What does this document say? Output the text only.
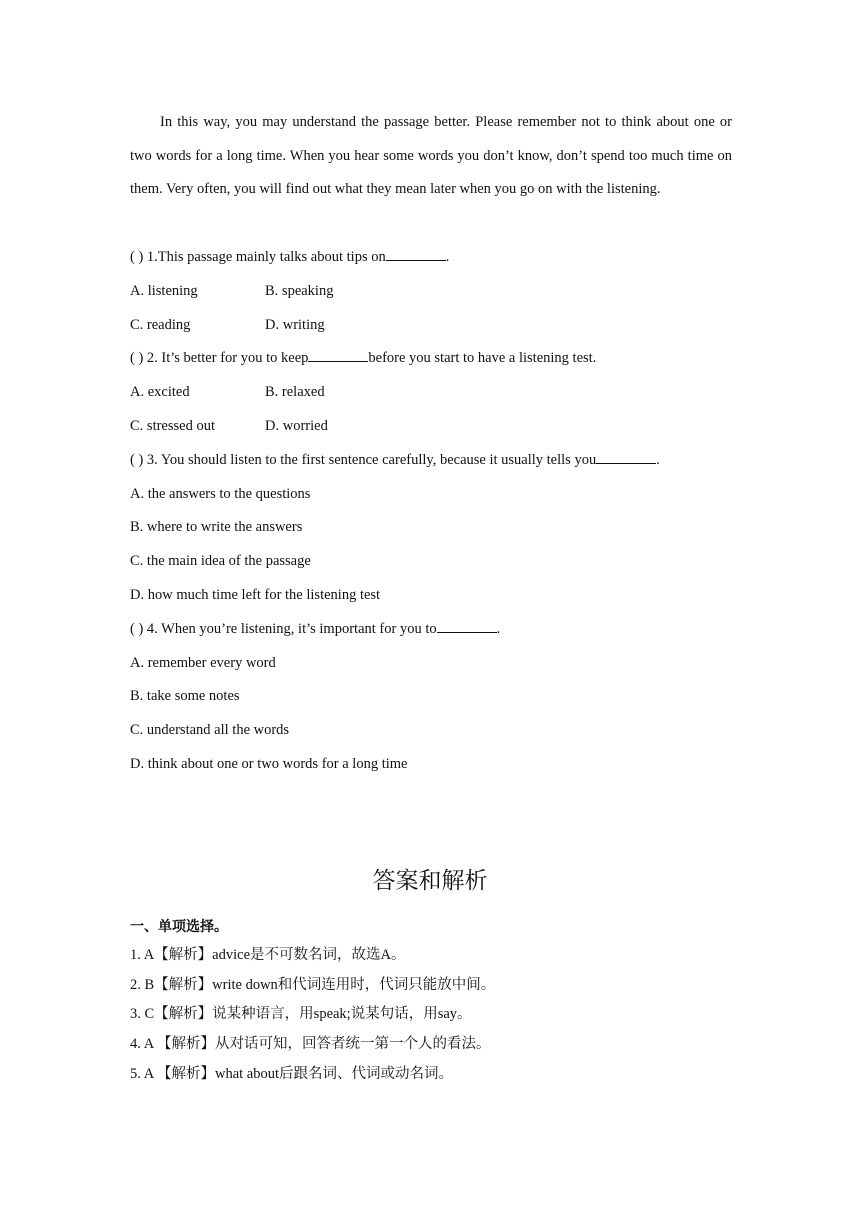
In this way, you may understand the passage better. Please remember not to think about one or two words for a long time. When you hear some words you don’t know, don’t spend too much time on them. Very often, you will find out what they mean later when you go on with the listening.

( ) 1.This passage mainly talks about tips on	.
A. listening	B. speaking
C. reading	D. writing
( ) 2. It’s better for you to keep	before you start to have a listening test.
A. excited	B. relaxed
C. stressed out	D. worried
( ) 3. You should listen to the first sentence carefully, because it usually tells you	.
A. the answers to the questions
B. where to write the answers
C. the main idea of the passage
D. how much time left for the listening test
( ) 4. When you’re listening, it’s important for you to	.
A. remember every word
B. take some notes
C. understand all the words
D. think about one or two words for a long time
答案和解析
一、单项选择。
1. A【解析】advice是不可数名词，故选A。
2. B【解析】write down和代词连用时，代词只能放中间。
3. C【解析】说某种语言，用speak;说某句话，用say。
4. A 【解析】从对话可知，回答者统一第一个人的看法。
5. A 【解析】what about后跟名词、代词或动名词。
